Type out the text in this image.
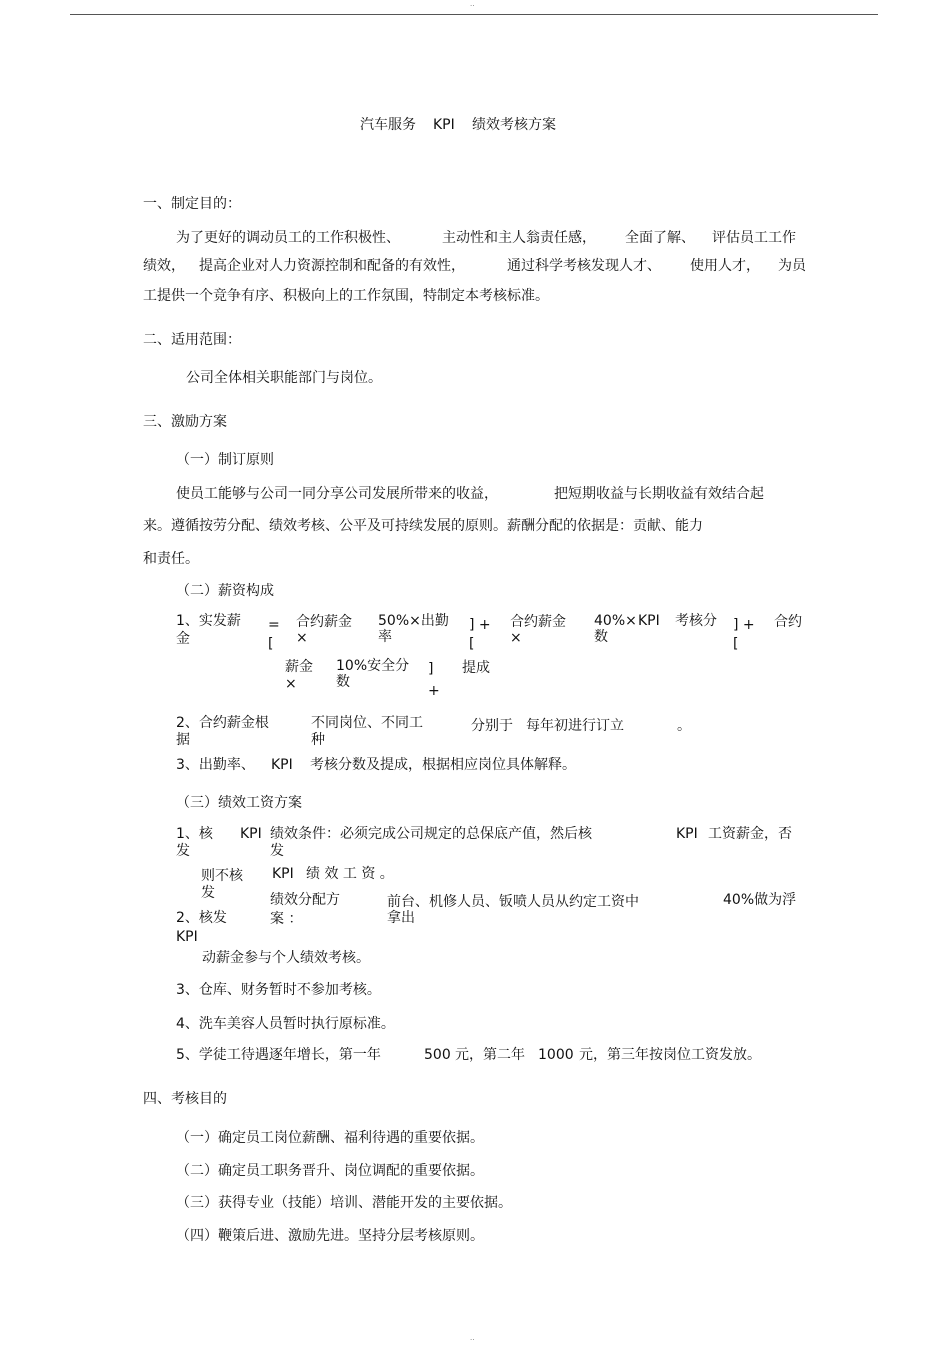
..
汽车服务 KPI 绩效考核方案
一、制定目的：
为了更好的调动员工的工作积极性、	主动性和主人翁责任感， 全面了解、 评估员工工作
绩效， 提高企业对人力资源控制和配备的有效性，	通过科学考核发现人才、 使用人才， 为员
工提供一个竞争有序、积极向上的工作氛围，特制定本考核标准。
二、适用范围：
公司全体相关职能部门与岗位。
三、激励方案
（一）制订原则
使员工能够与公司一同分享公司发展所带来的收益，	把短期收益与长期收益有效结合起
来。遵循按劳分配、绩效考核、公平及可持续发展的原则。薪酬分配的依据是：贡献、能力
和责任。
（二）薪资构成
1、实发薪
金
=
[
合约薪金
×
50%×出勤
率
] +
[
合约薪金
×
40%×
数
KPI 考核分 ] +
[
合约
薪金
×
10%安全分
数
]
+
提成
2、合约薪金根
据
不同岗位、不同工
种
分别于 每年初进行订立	。
3、出勤率、 KPI 考核分数及提成，根据相应岗位具体解释。
（三）绩效工资方案
1、核
发
KPI 绩效条件：必须完成公司规定的总保底产值，然后核
发
KPI 工资薪金，否
则不核
发
KPI 绩 效 工 资 。
绩效分配方
案 ：
前台、机修人员、钣喷人员从约定工资中
拿出
40%做为浮
2、核发
KPI
动薪金参与个人绩效考核。
3、仓库、财务暂时不参加考核。
4、洗车美容人员暂时执行原标准。
5、学徒工待遇逐年增长，第一年	500 元，第二年 1000 元，第三年按岗位工资发放。
四、考核目的
（一）确定员工岗位薪酬、福利待遇的重要依据。
（二）确定员工职务晋升、岗位调配的重要依据。
（三）获得专业（技能）培训、潜能开发的主要依据。
（四）鞭策后进、激励先进。坚持分层考核原则。
..
